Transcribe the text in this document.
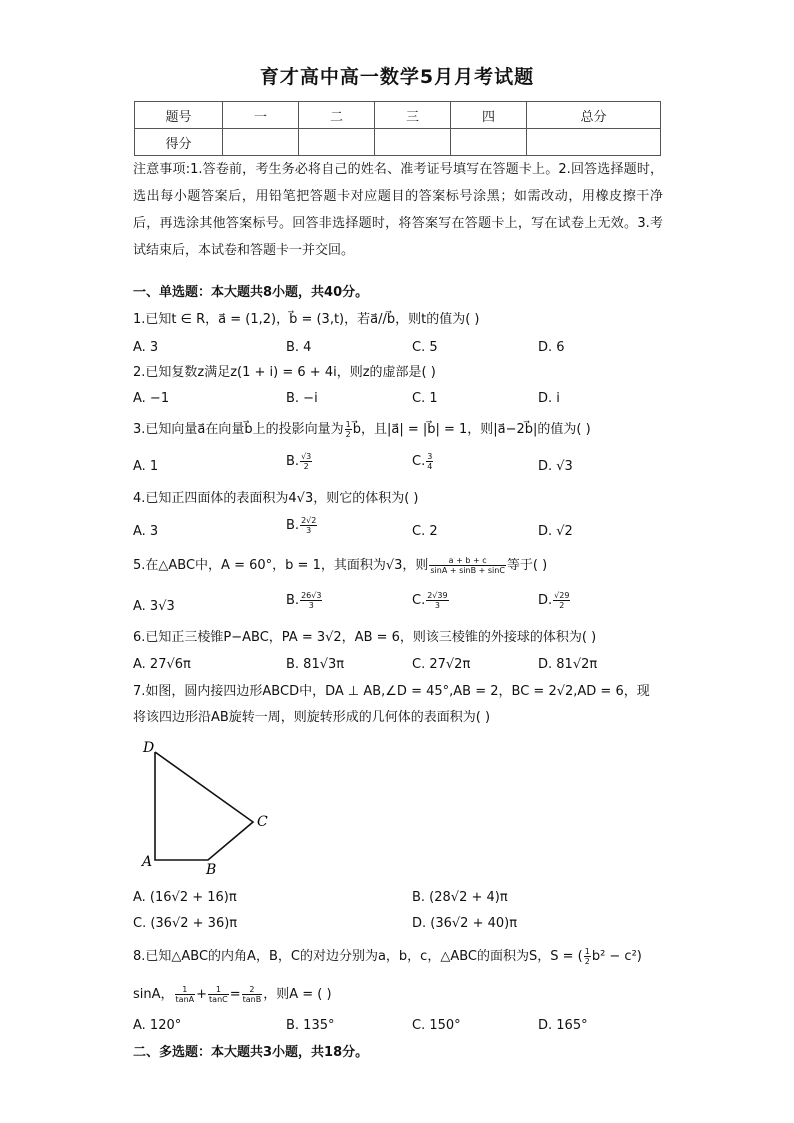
育才高中高一数学5月月考试题
题号	一	二	三	四	总分
得分					
注意事项:1.答卷前，考生务必将自己的姓名、准考证号填写在答题卡上。2.回答选择题时，选出每小题答案后，用铅笔把答题卡对应题目的答案标号涂黑；如需改动，用橡皮擦干净后，再选涂其他答案标号。回答非选择题时，将答案写在答题卡上，写在试卷上无效。3.考试结束后，本试卷和答题卡一并交回。
一、单选题：本大题共8小题，共40分。
1.已知t ∈ R，a⃗ = (1,2)，b⃗ = (3,t)，若a⃗//b⃗，则t的值为( )
A. 3	B. 4	C. 5	D. 6
2.已知复数z满足z(1 + i) = 6 + 4i，则z的虚部是( )
A. −1	B. −i	C. 1	D. i
3.已知向量a⃗在向量b⃗上的投影向量为 $\frac{1}{2}$ b⃗，且|a⃗| = |b⃗| = 1，则|a⃗−2b⃗|的值为( )
A. 1	B. $\frac{√3}{2}$	C. $\frac{3}{4}$	D. √3
4.已知正四面体的表面积为4√3，则它的体积为( )
A. 3	B. $\frac{2√2}{3}$	C. 2	D. √2
5.在△ABC中，A = 60°，b = 1，其面积为√3，则 $\frac{a + b + c}{\sin A + \sin B + \sin C}$ 等于( )
A. 3√3	B. $\frac{26√3}{3}$	C. $\frac{2√39}{3}$	D. $\frac{√29}{2}$
6.已知正三棱锥P−ABC，PA = 3√2，AB = 6，则该三棱锥的外接球的体积为( )
A. 27√6π	B. 81√3π	C. 27√2π	D. 81√2π
7.如图，圆内接四边形ABCD中，DA ⊥ AB,∠D = 45°,AB = 2，BC = 2√2,AD = 6，现
将该四边形沿AB旋转一周，则旋转形成的几何体的表面积为( )
D
C
A	B
A. (16√2 + 16)π	B. (28√2 + 4)π
C. (36√2 + 36)π	D. (36√2 + 40)π
8.已知△ABC的内角A，B，C的对边分别为a，b，c，△ABC的面积为S，S = ( $\frac{1}{2} b^2 - c^2$)
sinA， $\frac{1}{\tan A} + \frac{1}{\tan C} = \frac{2}{\tan B}$ ，则A = ( )
A. 120°	B. 135°	C. 150°	D. 165°
二、多选题：本大题共3小题，共18分。
